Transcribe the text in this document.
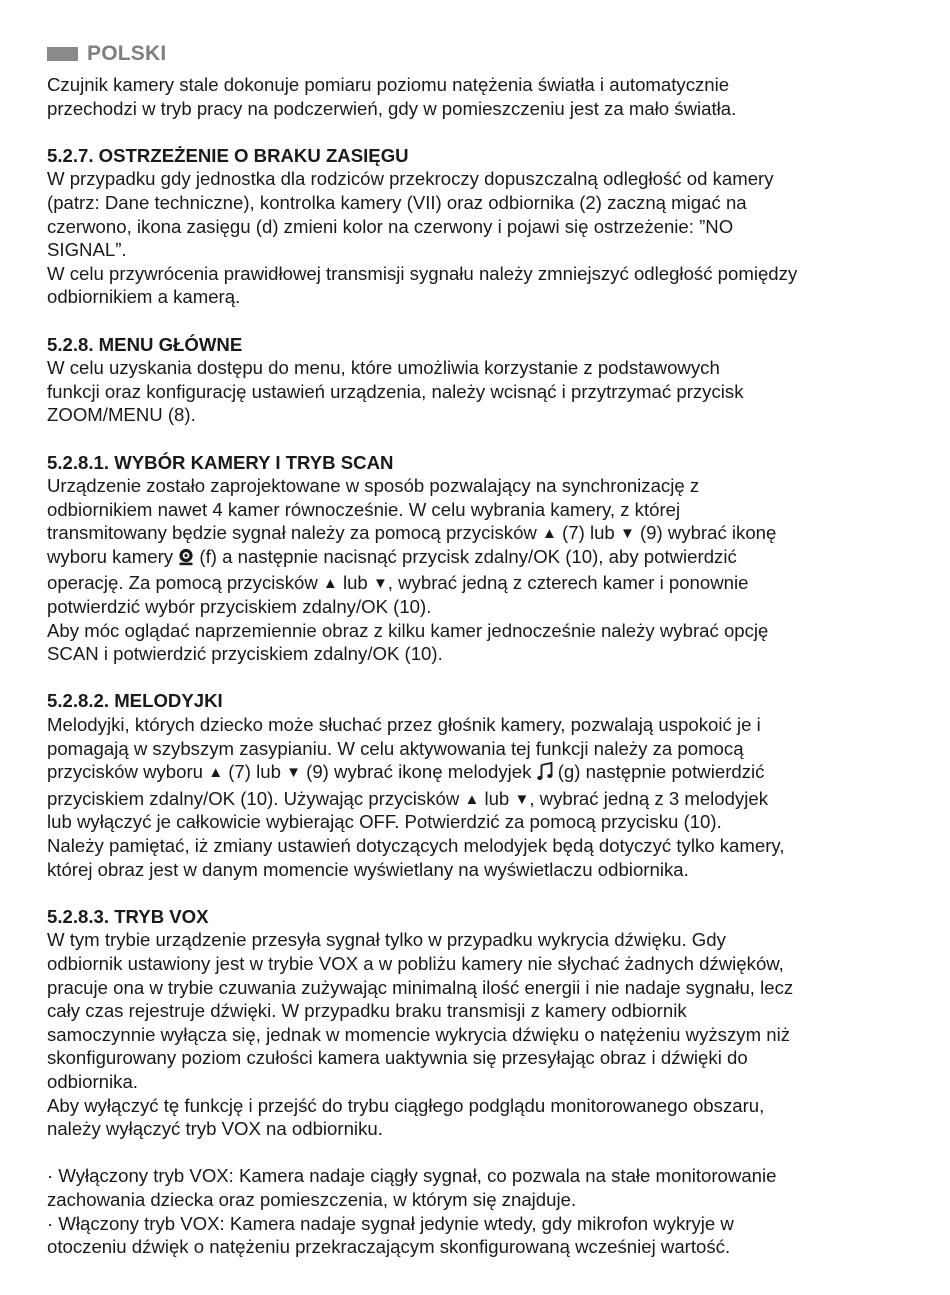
POLSKI

Czujnik kamery stale dokonuje pomiaru poziomu natężenia światła i automatycznie

przechodzi w tryb pracy na podczerwień, gdy w pomieszczeniu jest za mało światła.

5.2.7. OSTRZEŻENIE O BRAKU ZASIĘGU

W przypadku gdy jednostka dla rodziców przekroczy dopuszczalną odległość od kamery

(patrz: Dane techniczne), kontrolka kamery (VII) oraz odbiornika (2) zaczną migać na

czerwono, ikona zasięgu (d) zmieni kolor na czerwony i pojawi się ostrzeżenie: ”NO

SIGNAL”.

W celu przywrócenia prawidłowej transmisji sygnału należy zmniejszyć odległość pomiędzy

odbiornikiem a kamerą.

5.2.8. MENU GŁÓWNE

W celu uzyskania dostępu do menu, które umożliwia korzystanie z podstawowych

funkcji oraz konfigurację ustawień urządzenia, należy wcisnąć i przytrzymać przycisk

ZOOM/MENU (8).

5.2.8.1. WYBÓR KAMERY I TRYB SCAN

Urządzenie zostało zaprojektowane w sposób pozwalający na synchronizację z

odbiornikiem nawet 4 kamer równocześnie. W celu wybrania kamery, z której

transmitowany będzie sygnał należy za pomocą przycisków ▲ (7) lub ▼ (9) wybrać ikonę

wyboru kamery  (f) a następnie nacisnąć przycisk zdalny/OK (10), aby potwierdzić

operację. Za pomocą przycisków ▲ lub ▼, wybrać jedną z czterech kamer i ponownie

potwierdzić wybór przyciskiem zdalny/OK (10).

Aby móc oglądać naprzemiennie obraz z kilku kamer jednocześnie należy wybrać opcję

SCAN i potwierdzić przyciskiem zdalny/OK (10).

5.2.8.2. MELODYJKI

Melodyjki, których dziecko może słuchać przez głośnik kamery, pozwalają uspokoić je i

pomagają w szybszym zasypianiu. W celu aktywowania tej funkcji należy za pomocą

przycisków wyboru ▲ (7) lub ▼ (9) wybrać ikonę melodyjek  (g) następnie potwierdzić

przyciskiem zdalny/OK (10). Używając przycisków ▲ lub ▼, wybrać jedną z 3 melodyjek

lub wyłączyć je całkowicie wybierając OFF. Potwierdzić za pomocą przycisku (10).

Należy pamiętać, iż zmiany ustawień dotyczących melodyjek będą dotyczyć tylko kamery,

której obraz jest w danym momencie wyświetlany na wyświetlaczu odbiornika.

5.2.8.3. TRYB VOX

W tym trybie urządzenie przesyła sygnał tylko w przypadku wykrycia dźwięku. Gdy

odbiornik ustawiony jest w trybie VOX a w pobliżu kamery nie słychać żadnych dźwięków,

pracuje ona w trybie czuwania zużywając minimalną ilość energii i nie nadaje sygnału, lecz

cały czas rejestruje dźwięki. W przypadku braku transmisji z kamery odbiornik

samoczynnie wyłącza się, jednak w momencie wykrycia dźwięku o natężeniu wyższym niż

skonfigurowany poziom czułości kamera uaktywnia się przesyłając obraz i dźwięki do

odbiornika.

Aby wyłączyć tę funkcję i przejść do trybu ciągłego podglądu monitorowanego obszaru,

należy wyłączyć tryb VOX na odbiorniku.

· Wyłączony tryb VOX: Kamera nadaje ciągły sygnał, co pozwala na stałe monitorowanie

zachowania dziecka oraz pomieszczenia, w którym się znajduje.

· Włączony tryb VOX: Kamera nadaje sygnał jedynie wtedy, gdy mikrofon wykryje w

otoczeniu dźwięk o natężeniu przekraczającym skonfigurowaną wcześniej wartość.
